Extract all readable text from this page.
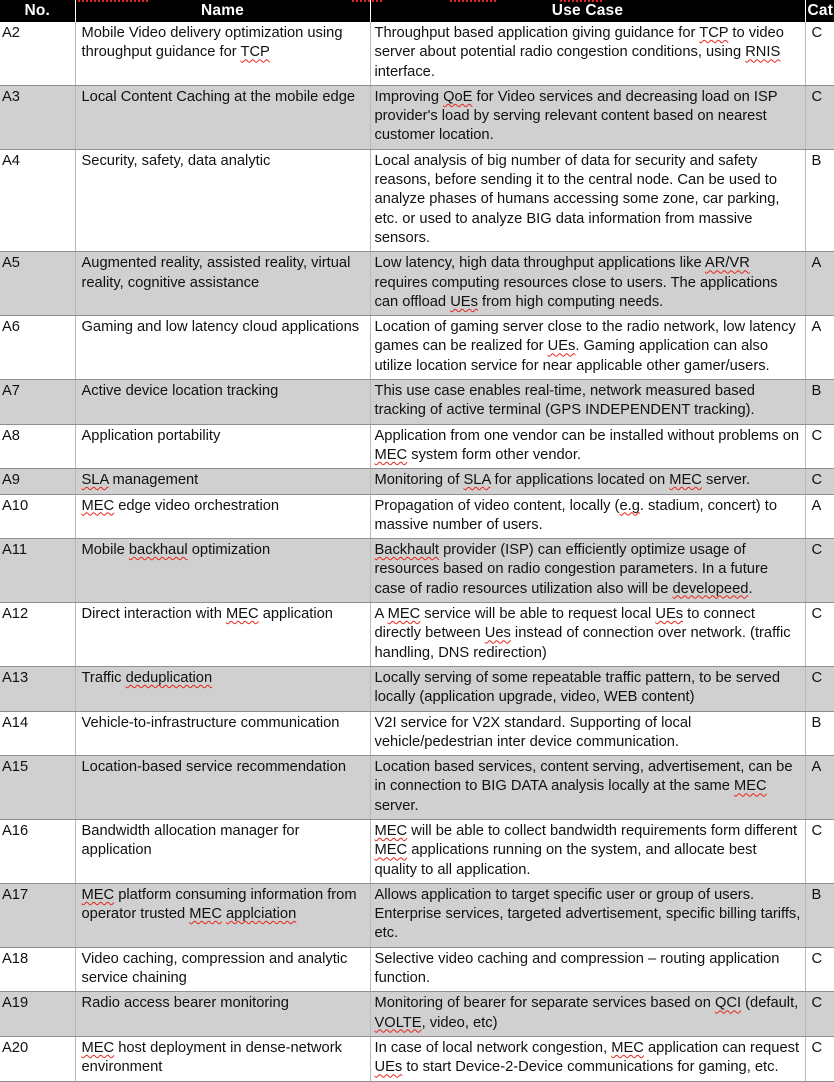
No.	Name	Use Case	Cat
A2	Mobile Video delivery optimization using throughput guidance for TCP	Throughput based application giving guidance for TCP to video server about potential radio congestion conditions, using RNIS interface.	C
A3	Local Content Caching at the mobile edge	Improving QoE for Video services and decreasing load on ISP provider's load by serving relevant content based on nearest customer location.	C
A4	Security, safety, data analytic	Local analysis of big number of data for security and safety reasons, before sending it to the central node. Can be used to analyze phases of humans accessing some zone, car parking, etc. or used to analyze BIG data information from massive sensors.	B
A5	Augmented reality, assisted reality, virtual reality, cognitive assistance	Low latency, high data throughput applications like AR/VR requires computing resources close to users. The applications can offload UEs from high computing needs.	A
A6	Gaming and low latency cloud applications	Location of gaming server close to the radio network, low latency games can be realized for UEs. Gaming application can also utilize location service for near applicable other gamer/users.	A
A7	Active device location tracking	This use case enables real-time, network measured based tracking of active terminal (GPS INDEPENDENT tracking).	B
A8	Application portability	Application from one vendor can be installed without problems on MEC system form other vendor.	C
A9	SLA management	Monitoring of SLA for applications located on MEC server.	C
A10	MEC edge video orchestration	Propagation of video content, locally (e.g. stadium, concert) to massive number of users.	A
A11	Mobile backhaul optimization	Backhault provider (ISP) can efficiently optimize usage of resources based on radio congestion parameters. In a future case of radio resources utilization also will be developeed.	C
A12	Direct interaction with MEC application	A MEC service will be able to request local UEs to connect directly between Ues instead of connection over network. (traffic handling, DNS redirection)	C
A13	Traffic deduplication	Locally serving of some repeatable traffic pattern, to be served locally (application upgrade, video, WEB content)	C
A14	Vehicle-to-infrastructure communication	V2I service for V2X standard. Supporting of local vehicle/pedestrian inter device communication.	B
A15	Location-based service recommendation	Location based services, content serving, advertisement, can be in connection to BIG DATA analysis locally at the same MEC server.	A
A16	Bandwidth allocation manager for application	MEC will be able to collect bandwidth requirements form different MEC applications running on the system, and allocate best quality to all application.	C
A17	MEC platform consuming information from operator trusted MEC applciation	Allows application to target specific user or group of users. Enterprise services, targeted advertisement, specific billing tariffs, etc.	B
A18	Video caching, compression and analytic service chaining	Selective video caching and compression – routing application function.	C
A19	Radio access bearer monitoring	Monitoring of bearer for separate services based on QCI (default, VOLTE, video, etc)	C
A20	MEC host deployment in dense-network environment	In case of local network congestion, MEC application can request UEs to start Device-2-Device communications for gaming, etc.	C
